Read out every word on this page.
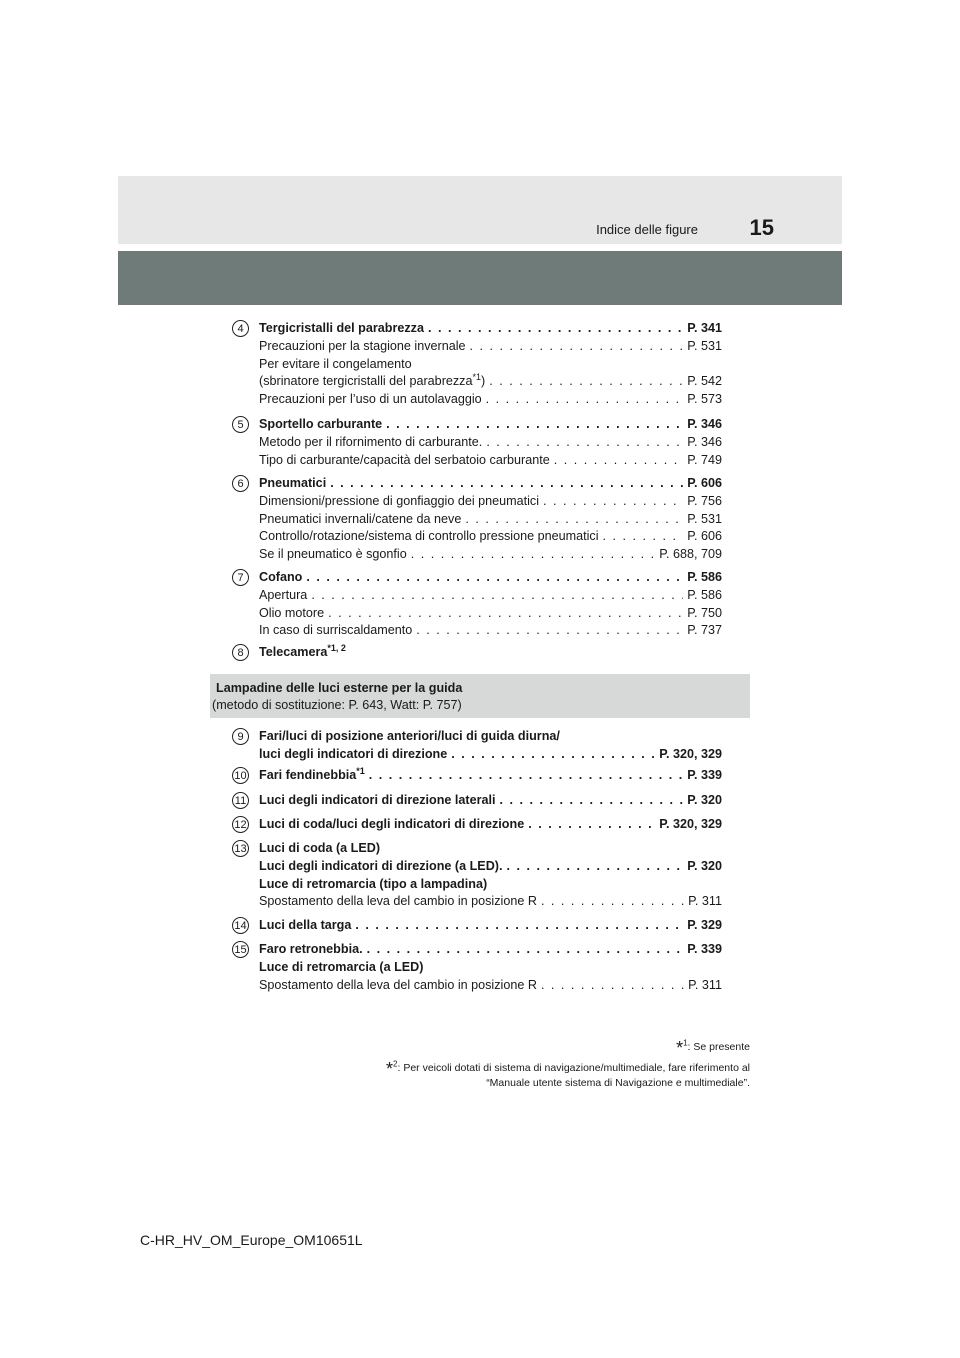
Indice delle figure 15
4	Tergicristalli del parabrezza . . .	P. 341
Precauzioni per la stagione invernale . . .	P. 531
Per evitare il congelamento
(sbrinatore tergicristalli del parabrezza$^{*1}$) . . .	P. 542
Precauzioni per l’uso di un autolavaggio . . .	P. 573
5	Sportello carburante . . .	P. 346
Metodo per il rifornimento di carburante. . . .	P. 346
Tipo di carburante/capacità del serbatoio carburante . . .	P. 749
6	Pneumatici . . .	P. 606
Dimensioni/pressione di gonfiaggio dei pneumatici . . .	P. 756
Pneumatici invernali/catene da neve . . .	P. 531
Controllo/rotazione/sistema di controllo pressione pneumatici . . .	P. 606
Se il pneumatico è sgonfio . . .	P. 688, 709
7	Cofano . . .	P. 586
Apertura . . .	P. 586
Olio motore . . .	P. 750
In caso di surriscaldamento . . .	P. 737
8	Telecamera$^{*1, 2}$
Lampadine delle luci esterne per la guida
(metodo di sostituzione: P. 643, Watt: P. 757)
9	Fari/luci di posizione anteriori/luci di guida diurna/
luci degli indicatori di direzione . . .	P. 320, 329
10 Fari fendinebbia$^{*1}$ . . .	P. 339
11 Luci degli indicatori di direzione laterali . . .	P. 320
12 Luci di coda/luci degli indicatori di direzione . . .	P. 320, 329
13 Luci di coda (a LED)
Luci degli indicatori di direzione (a LED). . . .	P. 320
Luce di retromarcia (tipo a lampadina)
Spostamento della leva del cambio in posizione R . . .	P. 311
14 Luci della targa . . .	P. 329
15 Faro retronebbia. . . .	P. 339
Luce di retromarcia (a LED)
Spostamento della leva del cambio in posizione R . . .	P. 311
*$^1$: Se presente
*$^2$: Per veicoli dotati di sistema di navigazione/multimediale, fare riferimento al
“Manuale utente sistema di Navigazione e multimediale”.
C-HR_HV_OM_Europe_OM10651L
